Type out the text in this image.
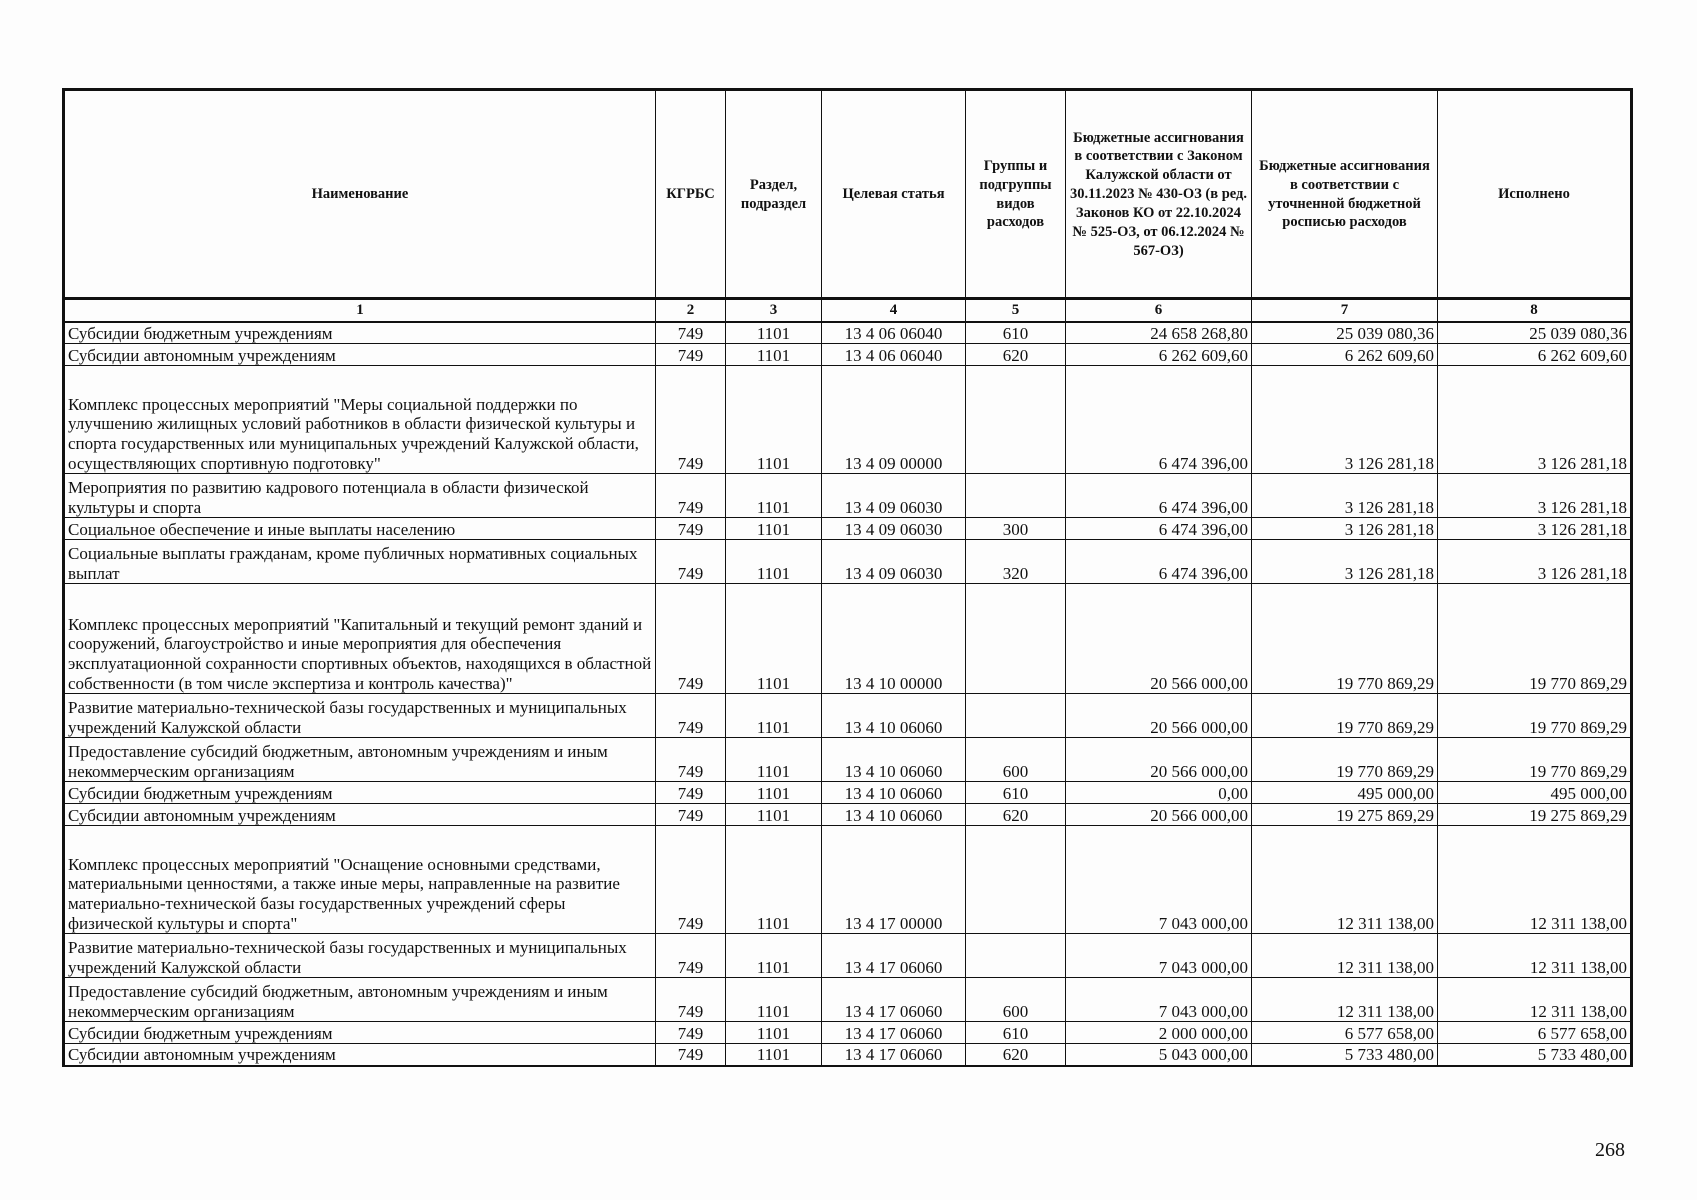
Наименование	КГРБС	Раздел, подраздел	Целевая статья	Группы и подгруппы видов расходов	Бюджетные ассигнования в соответствии с Законом Калужской области от 30.11.2023 № 430-ОЗ (в ред. Законов КО от 22.10.2024 № 525-ОЗ, от 06.12.2024 № 567-ОЗ)	Бюджетные ассигнования в соответствии с уточненной бюджетной росписью расходов	Исполнено
1	2	3	4	5	6	7	8
Субсидии бюджетным учреждениям	749	1101	13 4 06 06040	610	24 658 268,80	25 039 080,36	25 039 080,36
Субсидии автономным учреждениям	749	1101	13 4 06 06040	620	6 262 609,60	6 262 609,60	6 262 609,60
Комплекс процессных мероприятий "Меры социальной поддержки по улучшению жилищных условий работников в области физической культуры и спорта государственных или муниципальных учреждений Калужской области, осуществляющих спортивную подготовку"	749	1101	13 4 09 00000		6 474 396,00	3 126 281,18	3 126 281,18
Мероприятия по развитию кадрового потенциала в области физической культуры и спорта	749	1101	13 4 09 06030		6 474 396,00	3 126 281,18	3 126 281,18
Социальное обеспечение и иные выплаты населению	749	1101	13 4 09 06030	300	6 474 396,00	3 126 281,18	3 126 281,18
Социальные выплаты гражданам, кроме публичных нормативных социальных выплат	749	1101	13 4 09 06030	320	6 474 396,00	3 126 281,18	3 126 281,18
Комплекс процессных мероприятий "Капитальный и текущий ремонт зданий и сооружений, благоустройство и иные мероприятия для обеспечения эксплуатационной сохранности спортивных объектов, находящихся в областной собственности (в том числе экспертиза и контроль качества)"	749	1101	13 4 10 00000		20 566 000,00	19 770 869,29	19 770 869,29
Развитие материально-технической базы государственных и муниципальных учреждений Калужской области	749	1101	13 4 10 06060		20 566 000,00	19 770 869,29	19 770 869,29
Предоставление субсидий бюджетным, автономным учреждениям и иным некоммерческим организациям	749	1101	13 4 10 06060	600	20 566 000,00	19 770 869,29	19 770 869,29
Субсидии бюджетным учреждениям	749	1101	13 4 10 06060	610	0,00	495 000,00	495 000,00
Субсидии автономным учреждениям	749	1101	13 4 10 06060	620	20 566 000,00	19 275 869,29	19 275 869,29
Комплекс процессных мероприятий "Оснащение основными средствами, материальными ценностями, а также иные меры, направленные на развитие материально-технической базы государственных учреждений сферы физической культуры и спорта"	749	1101	13 4 17 00000		7 043 000,00	12 311 138,00	12 311 138,00
Развитие материально-технической базы государственных и муниципальных учреждений Калужской области	749	1101	13 4 17 06060		7 043 000,00	12 311 138,00	12 311 138,00
Предоставление субсидий бюджетным, автономным учреждениям и иным некоммерческим организациям	749	1101	13 4 17 06060	600	7 043 000,00	12 311 138,00	12 311 138,00
Субсидии бюджетным учреждениям	749	1101	13 4 17 06060	610	2 000 000,00	6 577 658,00	6 577 658,00
Субсидии автономным учреждениям	749	1101	13 4 17 06060	620	5 043 000,00	5 733 480,00	5 733 480,00
268
